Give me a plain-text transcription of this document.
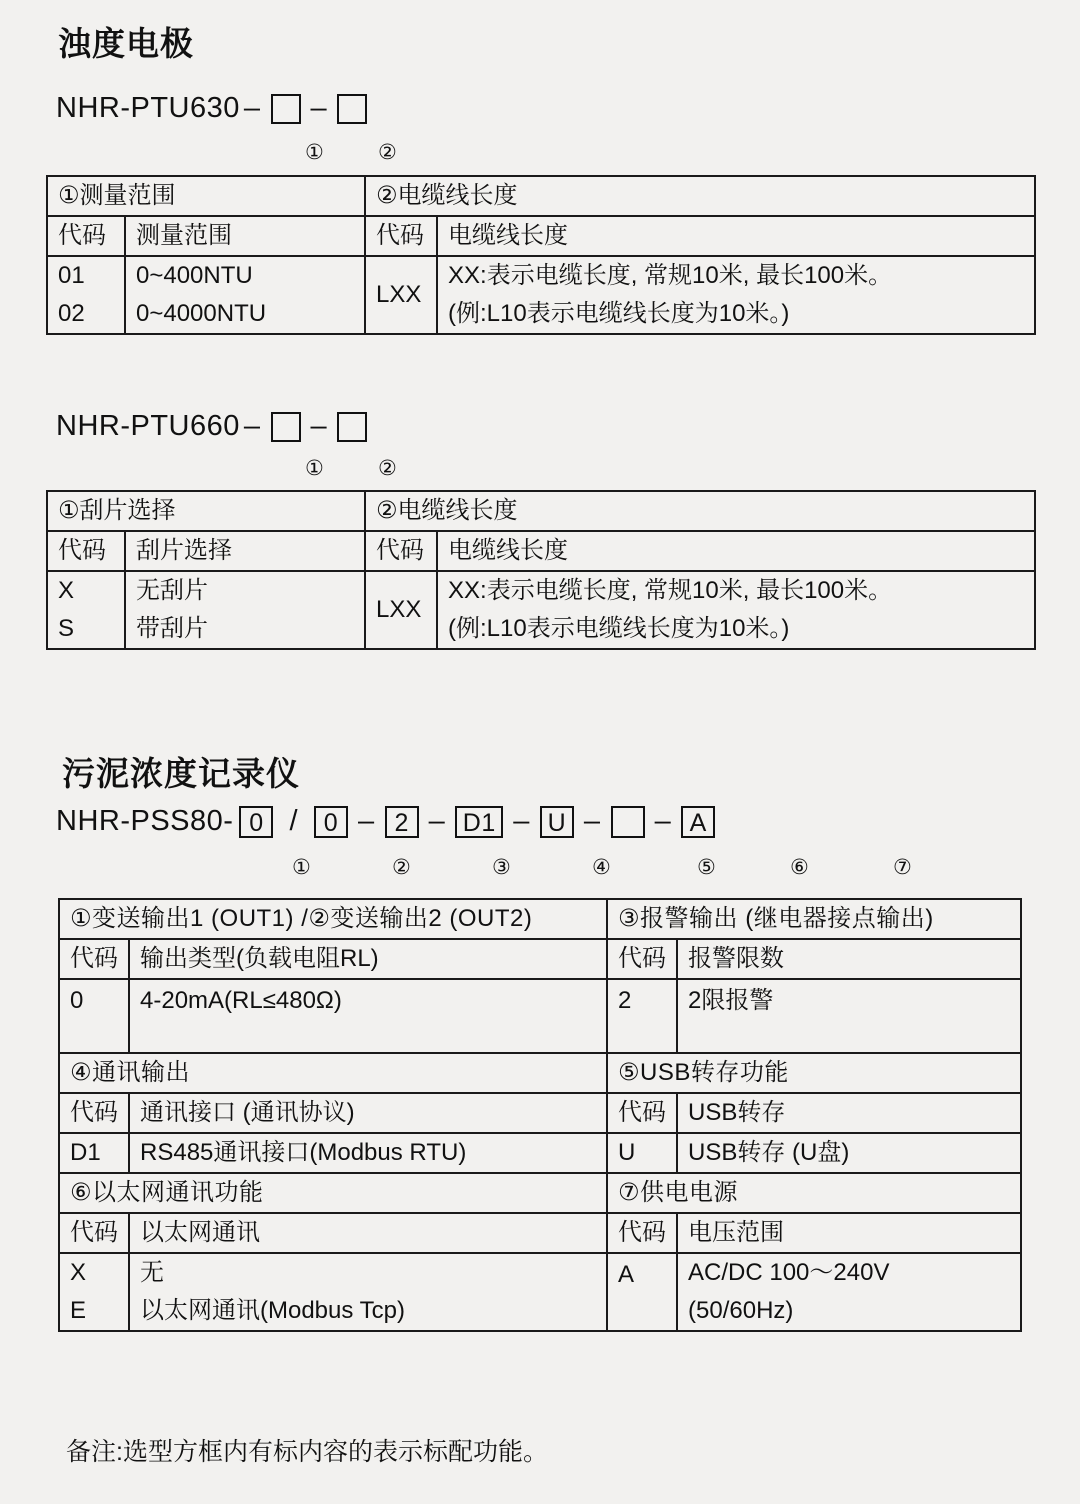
浊度电极
NHR-PTU630 – –
①	②
①测量范围		②电缆线长度	
代码	测量范围	代码	电缆线长度
01	0~400NTU	LXX	XX:表示电缆长度, 常规10米, 最长100米。
02	0~4000NTU		(例:L10表示电缆线长度为10米。)
NHR-PTU660 – –
①	②
①刮片选择		②电缆线长度	
代码	刮片选择	代码	电缆线长度
X	无刮片	LXX	XX:表示电缆长度, 常规10米, 最长100米。
S	带刮片		(例:L10表示电缆线长度为10米。)
污泥浓度记录仪
NHR-PSS80- 0 /	0 – 2 – D1 – U – – A
①	②	③	④	⑤	⑥	⑦
①变送输出1 (OUT1) /②变送输出2 (OUT2)		③报警输出 (继电器接点输出)	
代码	输出类型(负载电阻RL)	代码	报警限数
0	4-20mA(RL≤480Ω)	2	2限报警
④通讯输出		⑤USB转存功能	
代码	通讯接口 (通讯协议)	代码	USB转存
D1	RS485通讯接口(Modbus RTU)	U	USB转存 (U盘)
⑥以太网通讯功能		⑦供电电源	
代码	以太网通讯	代码	电压范围
X	无	A	AC/DC 100～240V
E	以太网通讯(Modbus Tcp)		(50/60Hz)
备注:选型方框内有标内容的表示标配功能。
